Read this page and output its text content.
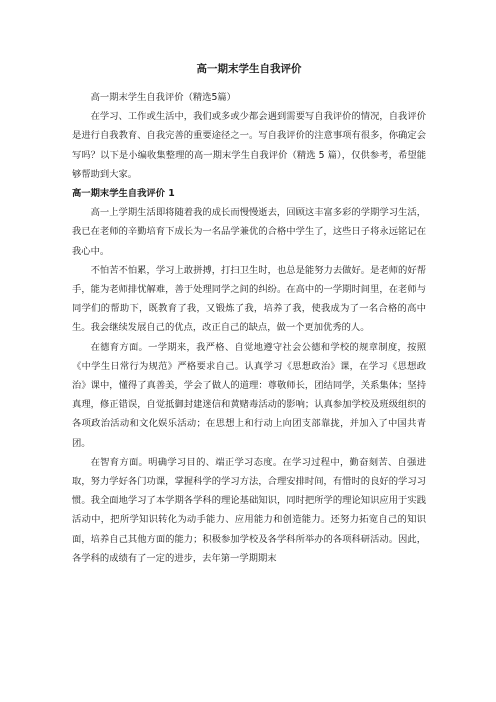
高一期末学生自我评价

高一期末学生自我评价（精选5篇）

在学习、工作或生活中，我们或多或少都会遇到需要写自我评价的情况，自我评价是进行自我教育、自我完善的重要途径之一。写自我评价的注意事项有很多，你确定会写吗？以下是小编收集整理的高一期末学生自我评价（精选 5 篇），仅供参考，希望能够帮助到大家。

高一期末学生自我评价 1

高一上学期生活即将随着我的成长而慢慢逝去，回顾这丰富多彩的学期学习生活，我已在老师的辛勤培育下成长为一名品学兼优的合格中学生了，这些日子将永远铭记在我心中。

不怕苦不怕累，学习上敢拼搏，打扫卫生时，也总是能努力去做好。是老师的好帮手，能为老师排忧解难，善于处理同学之间的纠纷。在高中的一学期时间里，在老师与同学们的帮助下，既教育了我，又锻炼了我，培养了我，使我成为了一名合格的高中生。我会继续发展自己的优点，改正自己的缺点，做一个更加优秀的人。

在德育方面。一学期来，我严格、自觉地遵守社会公德和学校的规章制度，按照《中学生日常行为规范》严格要求自己。认真学习《思想政治》课，在学习《思想政治》课中，懂得了真善美，学会了做人的道理：尊敬师长，团结同学，关系集体；坚持真理，修正错误，自觉抵御封建迷信和黄赌毒活动的影响；认真参加学校及班级组织的各项政治活动和文化娱乐活动；在思想上和行动上向团支部靠拢，并加入了中国共青团。

在智育方面。明确学习目的、端正学习态度。在学习过程中，勤奋刻苦、自强进取，努力学好各门功课，掌握科学的学习方法，合理安排时间，有惜时的良好的学习习惯。我全面地学习了本学期各学科的理论基础知识，同时把所学的理论知识应用于实践活动中，把所学知识转化为动手能力、应用能力和创造能力。还努力拓宽自己的知识面，培养自己其他方面的能力；积极参加学校及各学科所举办的各项科研活动。因此，各学科的成绩有了一定的进步，去年第一学期期末
